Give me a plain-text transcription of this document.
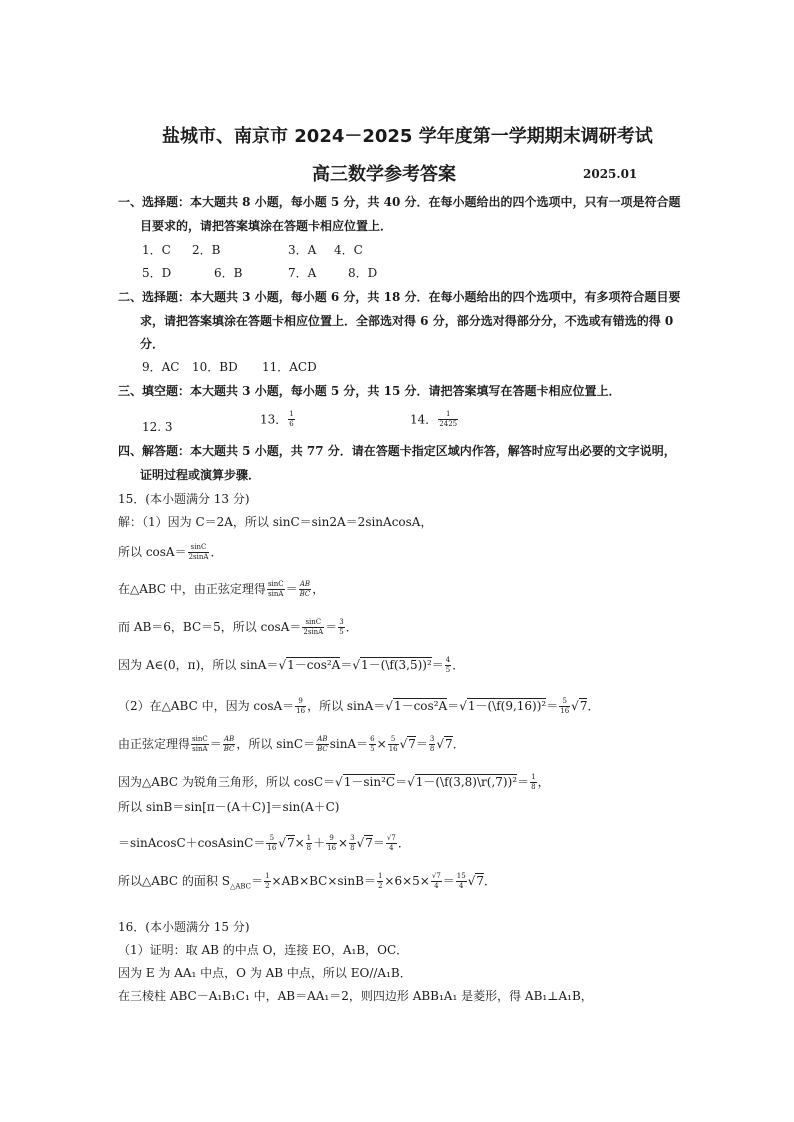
盐城市、南京市 2024－2025 学年度第一学期期末调研考试
高三数学参考答案	2025.01
一、选择题：本大题共 8 小题，每小题 5 分，共 40 分．在每小题给出的四个选项中，只有一项是符合题
目要求的，请把答案填涂在答题卡相应位置上．
1．C 2．B	3．A 4．C
5．D	6．B	7．A	8．D
二、选择题：本大题共 3 小题，每小题 6 分，共 18 分．在每小题给出的四个选项中，有多项符合题目要
求，请把答案填涂在答题卡相应位置上．全部选对得 6 分，部分选对得部分分，不选或有错选的得 0
分．
9．AC 10．BD 11．ACD
三、填空题：本大题共 3 小题，每小题 5 分，共 15 分．请把答案填写在答题卡相应位置上．
12. 3
13． $\frac{1}{6}$	14． $\frac{1}{2425}$
四、解答题：本大题共 5 小题，共 77 分．请在答题卡指定区域内作答，解答时应写出必要的文字说明，
证明过程或演算步骤．
15．(本小题满分 13 分)
解：（1）因为 C＝2A，所以 sinC＝sin2A＝2sinAcosA，
所以 $\cos A= \frac{\sin C}{2\sin A}$ ．
在△ABC 中，由正弦定理得 $\frac{\sin C}{\sin A} = \frac{AB}{BC}$ ，
而 AB＝6，BC＝5，所以 $\cos A= \frac{\sin C}{2\sin A} = \frac{3}{5}$ ．
因为 A∈(0，π)，所以 sinA＝√1－cos²A＝√1－(\f(3,5))²＝ $\frac{4}{5}$ ．
（2）在△ABC 中，因为 $\cos A= \frac{9}{16}$ ，所以 sinA＝√1－cos²A＝√1－(\f(9,16))²＝ $\frac{5}{16} √7$．
由正弦定理得 $\frac{\sin C}{\sin A} = \frac{AB}{BC}$ ，所以 $\sin C= \frac{AB}{BC} \sin A= \frac{6}{5} \times \frac{5}{16} √7= \frac{3}{8} √7$．
因为△ABC 为锐角三角形，所以 cosC＝√1－sin²C＝√1－(\f(3,8)\r(,7))²＝ $\frac{1}{8}$ ，
所以 sinB＝sin[π－(A＋C)]＝sin(A＋C)
＝sinAcosC＋cosAsinC＝ $\frac{5}{16} √7\times \frac{1}{8} + \frac{9}{16} \times \frac{3}{8} √7= \frac{√7}{4}$ ．
所以△ABC 的面积 $S_{\triangle ABC}= \frac{1}{2} \times AB\times BC\times\sin B= \frac{1}{2} \times 6\times 5\times \frac{√7}{4} = \frac{15}{4} √7$．
16．(本小题满分 15 分)
（1）证明：取 AB 的中点 O，连接 EO，A₁B，OC．
因为 E 为 AA₁ 中点，O 为 AB 中点，所以 EO//A₁B．
在三棱柱 ABC－A₁B₁C₁ 中，AB＝AA₁＝2，则四边形 ABB₁A₁ 是菱形，得 AB₁⊥A₁B，
